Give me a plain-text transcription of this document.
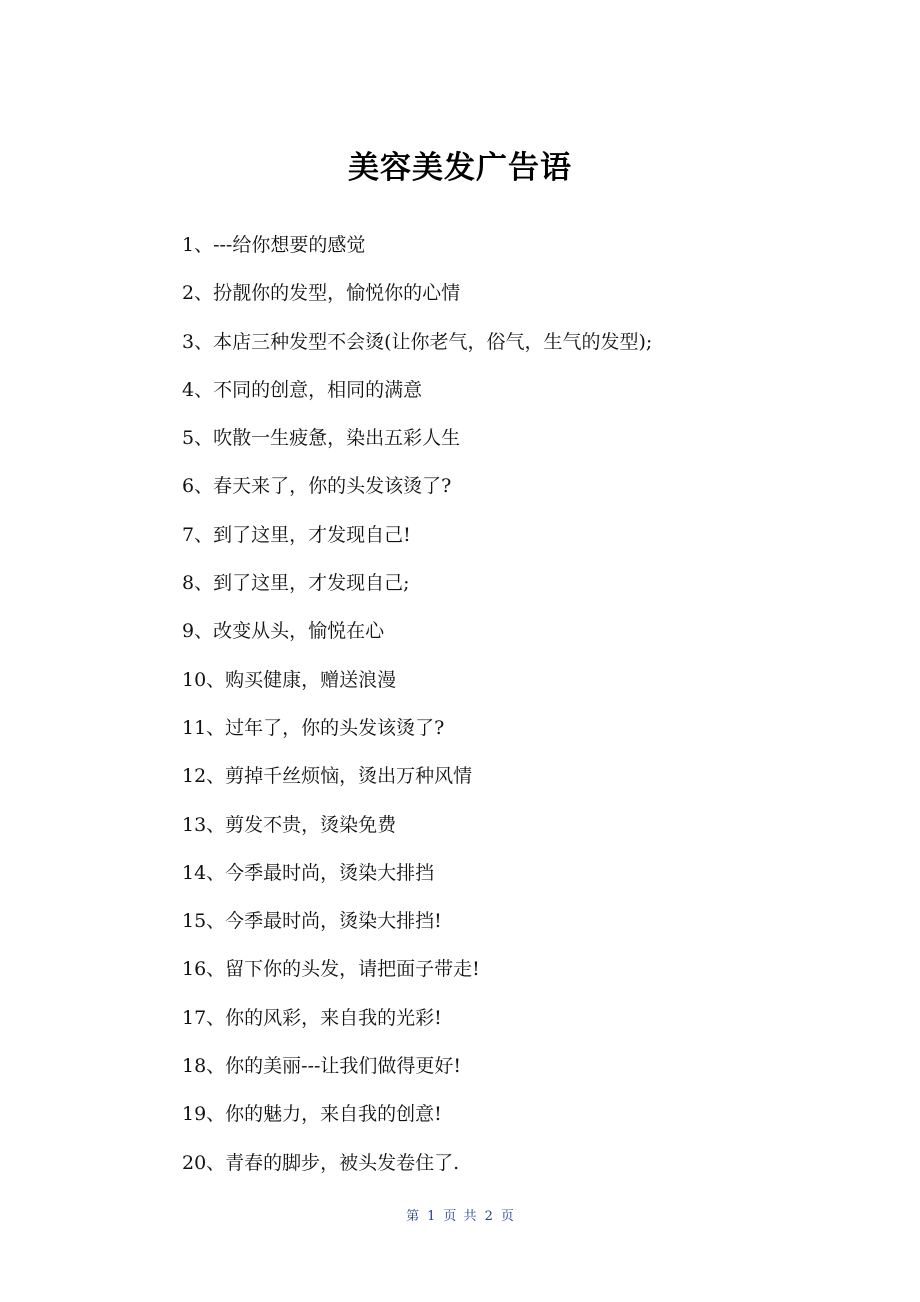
美容美发广告语
1、---给你想要的感觉
2、扮靓你的发型，愉悦你的心情
3、本店三种发型不会烫(让你老气，俗气，生气的发型);
4、不同的创意，相同的满意
5、吹散一生疲惫，染出五彩人生
6、春天来了，你的头发该烫了?
7、到了这里，才发现自己!
8、到了这里，才发现自己;
9、改变从头，愉悦在心
10、购买健康，赠送浪漫
11、过年了，你的头发该烫了?
12、剪掉千丝烦恼，烫出万种风情
13、剪发不贵，烫染免费
14、今季最时尚，烫染大排挡
15、今季最时尚，烫染大排挡!
16、留下你的头发，请把面子带走!
17、你的风彩，来自我的光彩!
18、你的美丽---让我们做得更好!
19、你的魅力，来自我的创意!
20、青春的脚步，被头发卷住了.
第 1 页 共 2 页
